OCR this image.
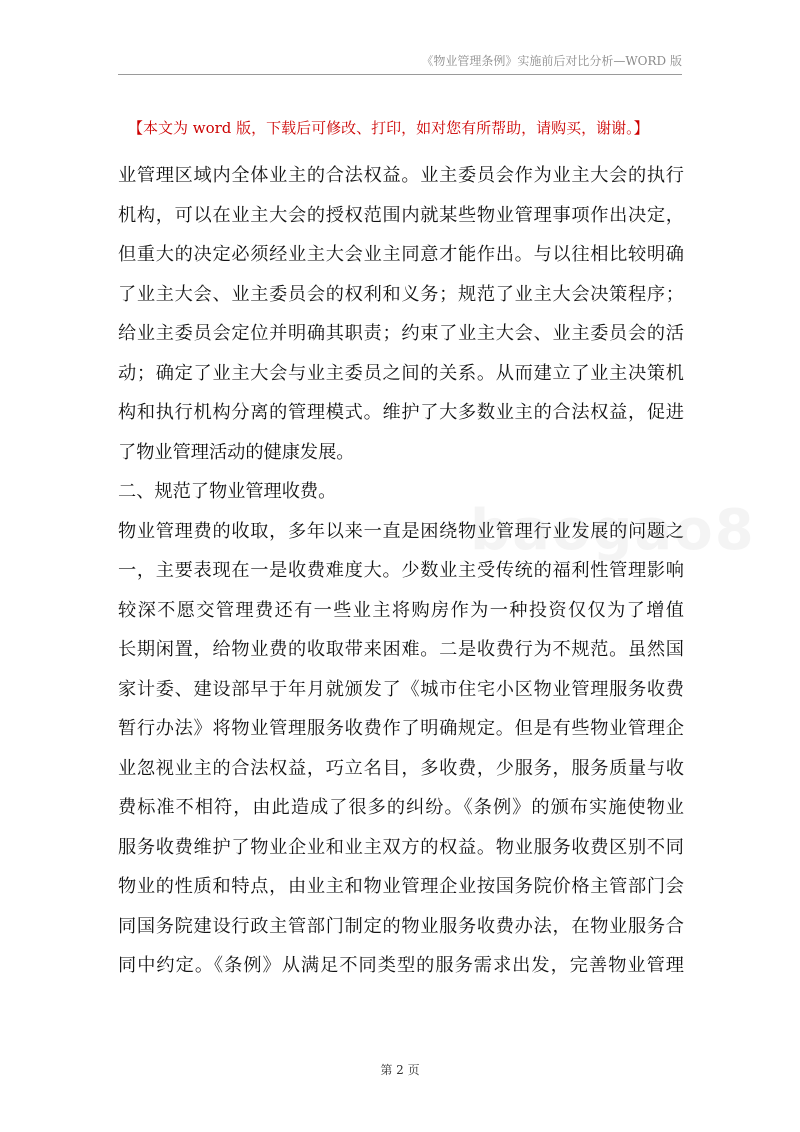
《物业管理条例》实施前后对比分析—WORD 版
【本文为 word 版，下载后可修改、打印，如对您有所帮助，请购买，谢谢。】
业管理区域内全体业主的合法权益。业主委员会作为业主大会的执行
机构，可以在业主大会的授权范围内就某些物业管理事项作出决定，
但重大的决定必须经业主大会业主同意才能作出。与以往相比较明确
了业主大会、业主委员会的权利和义务；规范了业主大会决策程序；
给业主委员会定位并明确其职责；约束了业主大会、业主委员会的活
动；确定了业主大会与业主委员之间的关系。从而建立了业主决策机
构和执行机构分离的管理模式。维护了大多数业主的合法权益，促进
了物业管理活动的健康发展。
二、规范了物业管理收费。
物业管理费的收取，多年以来一直是困绕物业管理行业发展的问题之
一，主要表现在一是收费难度大。少数业主受传统的福利性管理影响
较深不愿交管理费还有一些业主将购房作为一种投资仅仅为了增值
长期闲置，给物业费的收取带来困难。二是收费行为不规范。虽然国
家计委、建设部早于年月就颁发了《城市住宅小区物业管理服务收费
暂行办法》将物业管理服务收费作了明确规定。但是有些物业管理企
业忽视业主的合法权益，巧立名目，多收费，少服务，服务质量与收
费标准不相符，由此造成了很多的纠纷。《条例》的颁布实施使物业
服务收费维护了物业企业和业主双方的权益。物业服务收费区别不同
物业的性质和特点，由业主和物业管理企业按国务院价格主管部门会
同国务院建设行政主管部门制定的物业服务收费办法，在物业服务合
同中约定。《条例》从满足不同类型的服务需求出发，完善物业管理
第 2 页
